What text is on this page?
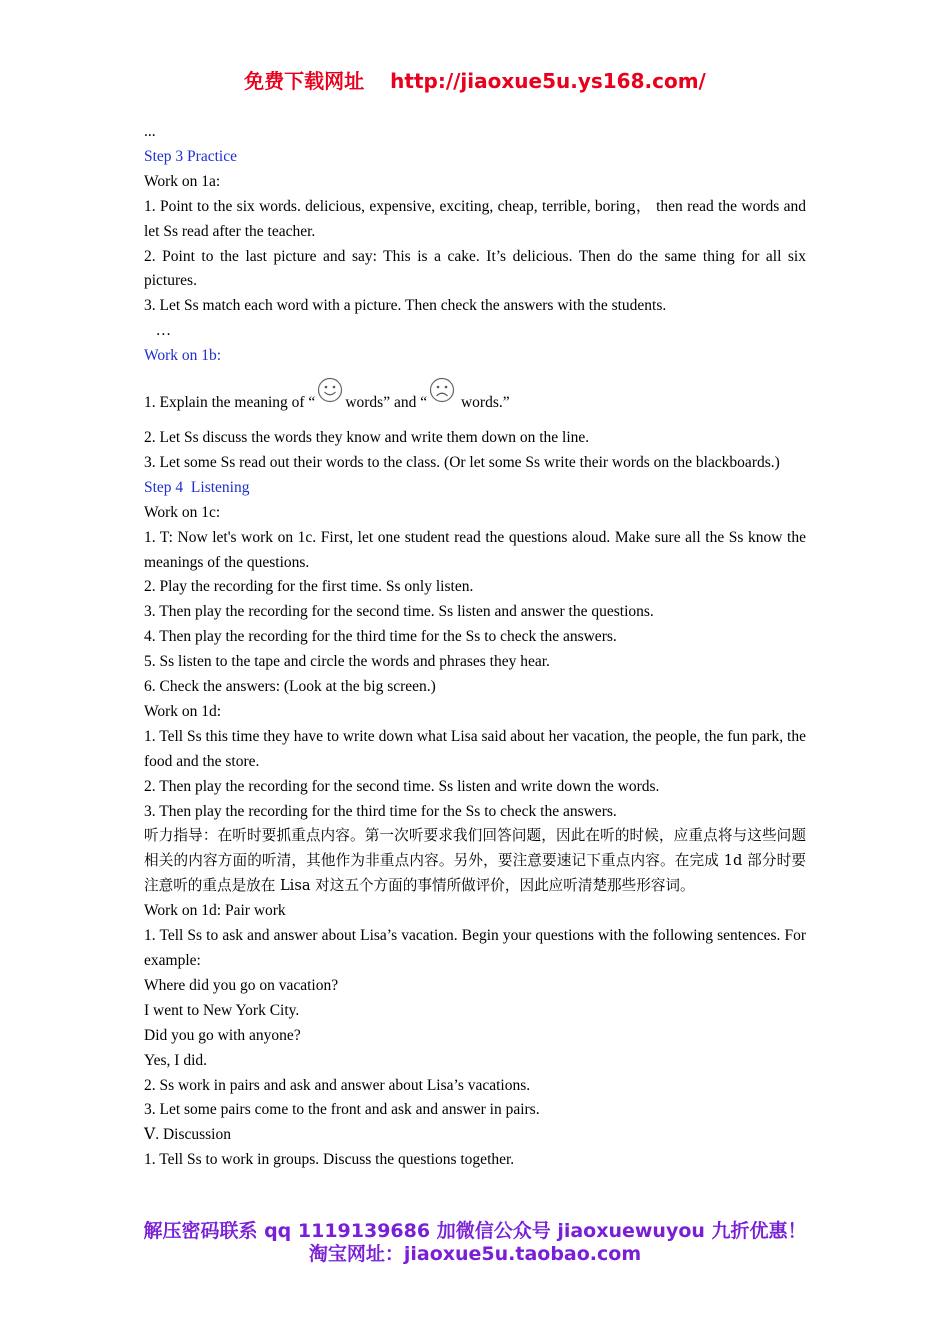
免费下载网址 http://jiaoxue5u.ys168.com/

...

Step 3 Practice

Work on 1a:

1. Point to the six words. delicious, expensive, exciting, cheap, terrible, boring， then read the words and let Ss read after the teacher.

2. Point to the last picture and say: This is a cake. It’s delicious. Then do the same thing for all six pictures.

3. Let Ss match each word with a picture. Then check the answers with the students.

…

Work on 1b:

1. Explain the meaning of “ words” and “ words.”

2. Let Ss discuss the words they know and write them down on the line.

3. Let some Ss read out their words to the class. (Or let some Ss write their words on the blackboards.)

Step 4  Listening

Work on 1c:

1. T: Now let's work on 1c. First, let one student read the questions aloud. Make sure all the Ss know the meanings of the questions.

2. Play the recording for the first time. Ss only listen.

3. Then play the recording for the second time. Ss listen and answer the questions.

4. Then play the recording for the third time for the Ss to check the answers.

5. Ss listen to the tape and circle the words and phrases they hear.

6. Check the answers: (Look at the big screen.)

Work on 1d:

1. Tell Ss this time they have to write down what Lisa said about her vacation, the people, the fun park, the food and the store.

2. Then play the recording for the second time. Ss listen and write down the words.

3. Then play the recording for the third time for the Ss to check the answers.

听力指导：在听时要抓重点内容。第一次听要求我们回答问题，因此在听的时候，应重点将与这些问题相关的内容方面的听清，其他作为非重点内容。另外，要注意要速记下重点内容。在完成 1d 部分时要注意听的重点是放在 Lisa 对这五个方面的事情所做评价，因此应听清楚那些形容词。

Work on 1d: Pair work

1. Tell Ss to ask and answer about Lisa’s vacation. Begin your questions with the following sentences. For example:

Where did you go on vacation?

I went to New York City.

Did you go with anyone?

Yes, I did.

2. Ss work in pairs and ask and answer about Lisa’s vacations.

3. Let some pairs come to the front and ask and answer in pairs.

Ⅴ. Discussion

1. Tell Ss to work in groups. Discuss the questions together.

解压密码联系 qq 1119139686 加微信公众号 jiaoxuewuyou 九折优惠！
淘宝网址：jiaoxue5u.taobao.com
